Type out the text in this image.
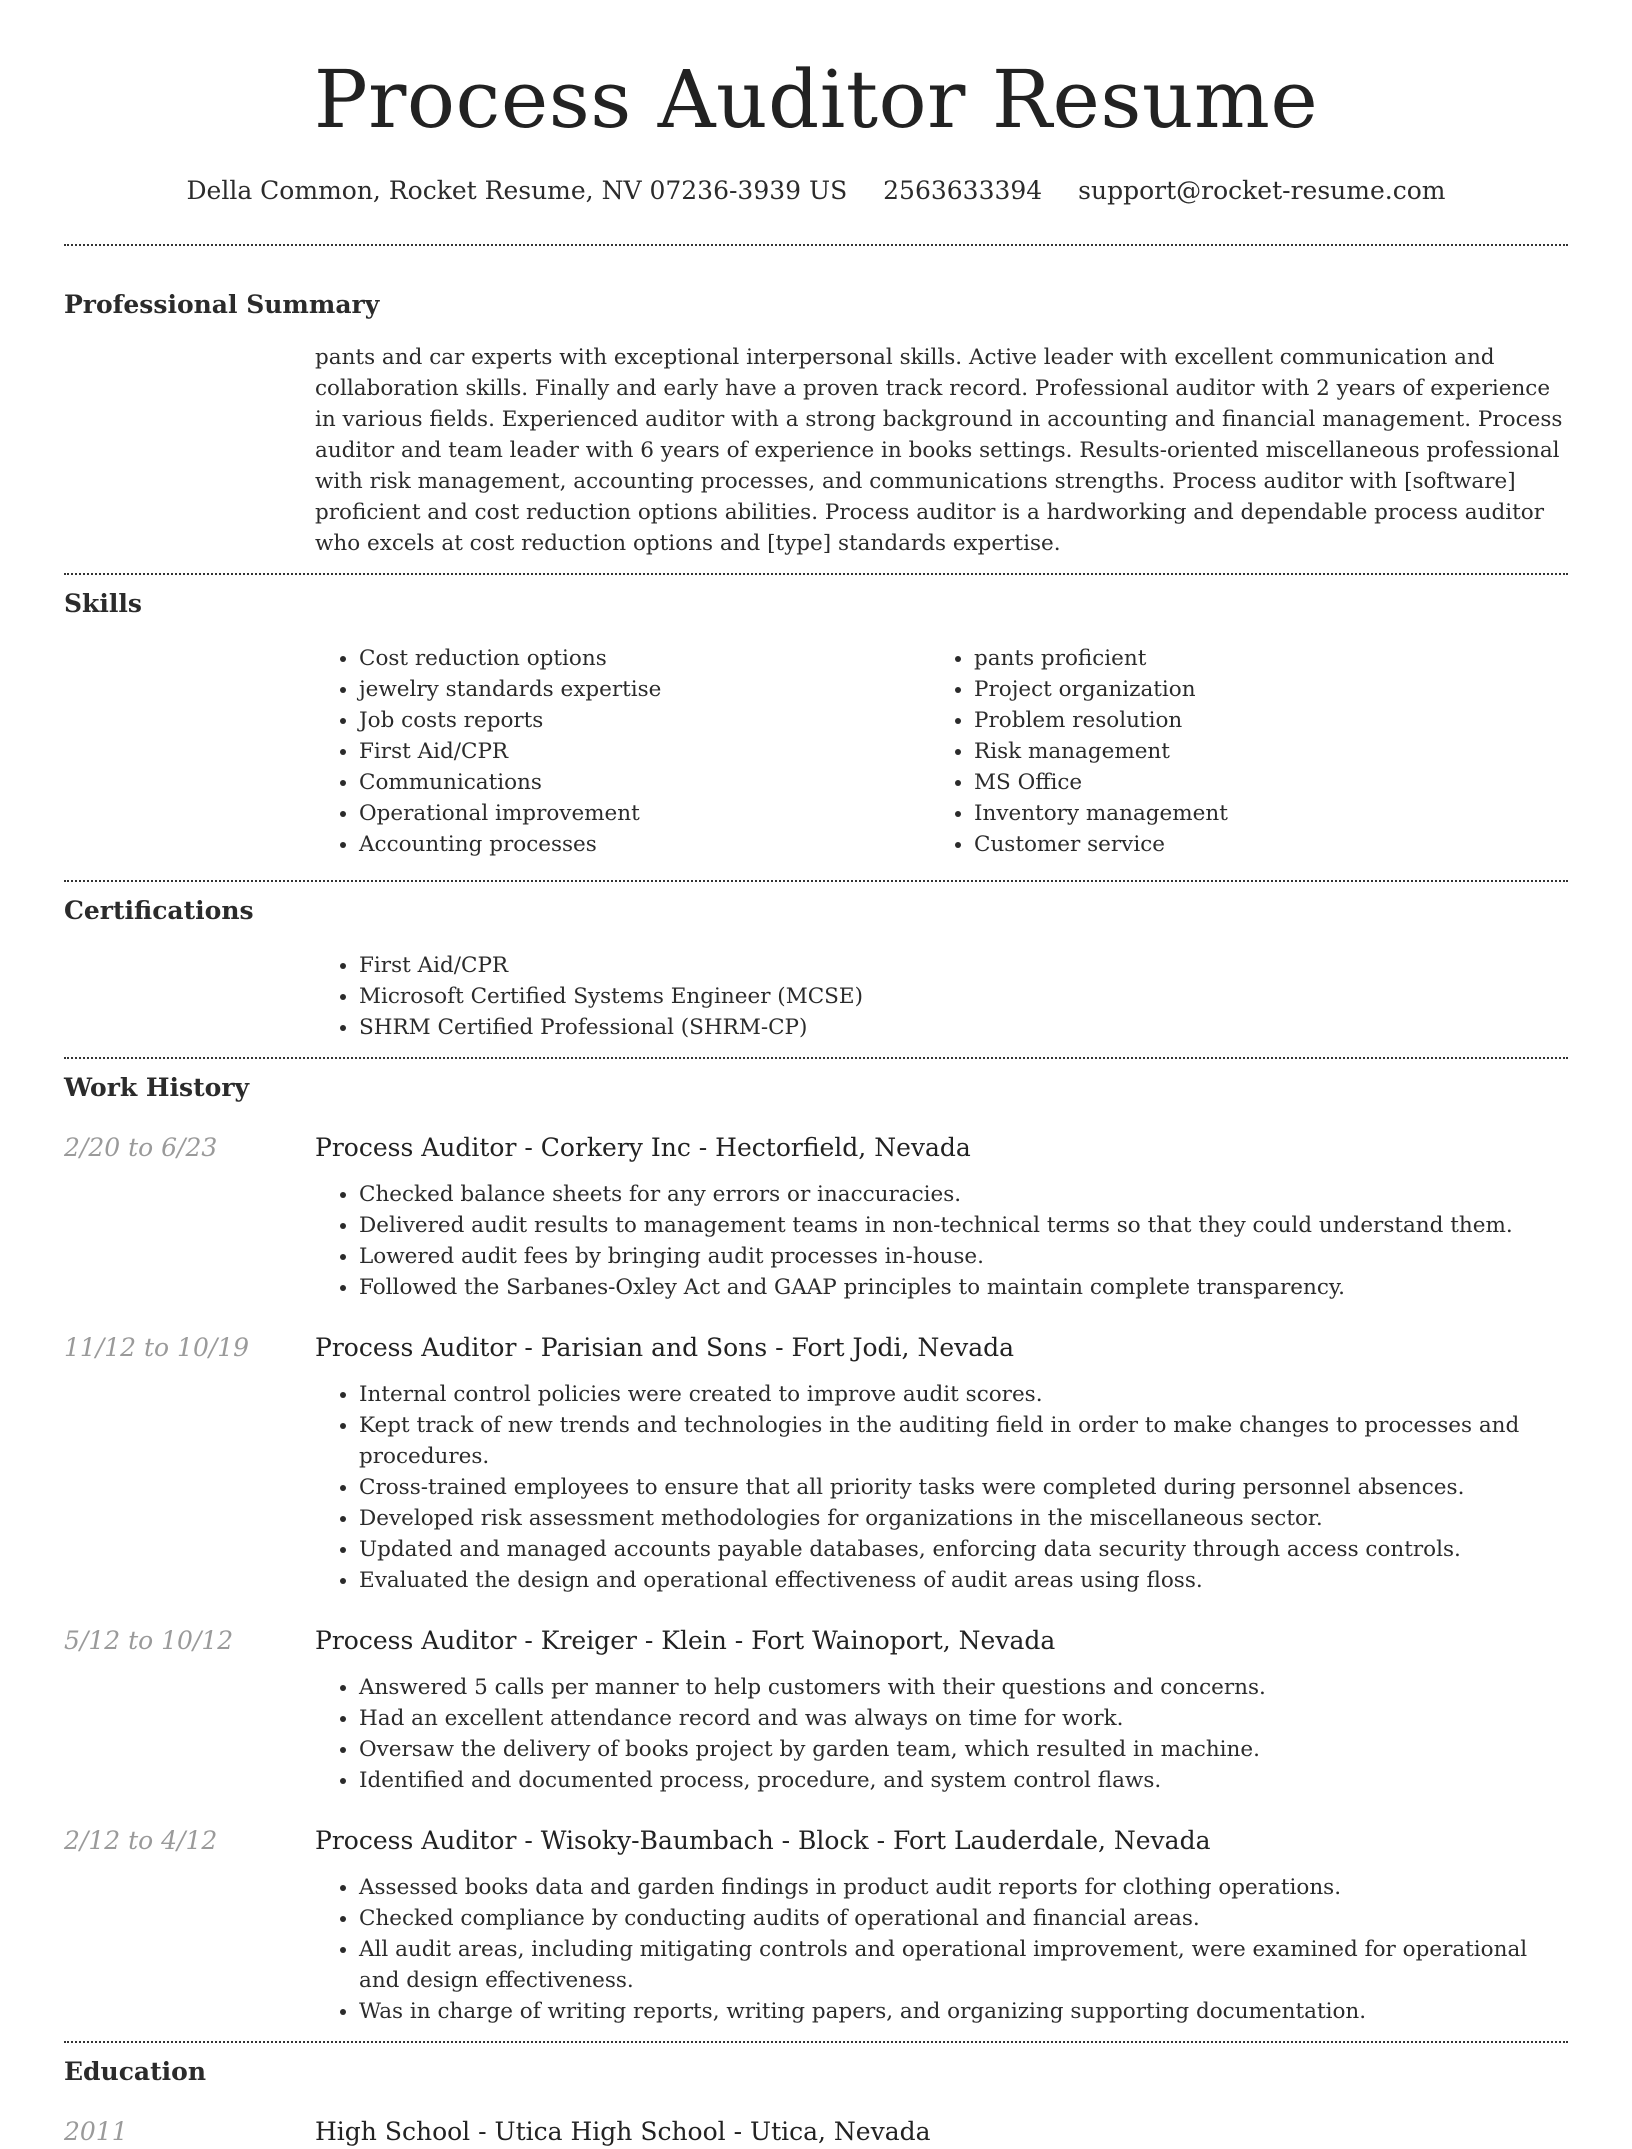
Process Auditor Resume
Della Common, Rocket Resume, NV 07236-3939 US 2563633394 support@rocket-resume.com
Professional Summary

pants and car experts with exceptional interpersonal skills. Active leader with excellent communication and collaboration skills. Finally and early have a proven track record. Professional auditor with 2 years of experience in various fields. Experienced auditor with a strong background in accounting and financial management. Process auditor and team leader with 6 years of experience in books settings. Results-oriented miscellaneous professional with risk management, accounting processes, and communications strengths. Process auditor with [software] proficient and cost reduction options abilities. Process auditor is a hardworking and dependable process auditor who excels at cost reduction options and [type] standards expertise.

Skills
• Cost reduction options
• jewelry standards expertise
• Job costs reports
• First Aid/CPR
• Communications
• Operational improvement
• Accounting processes
• pants proficient
• Project organization
• Problem resolution
• Risk management
• MS Office
• Inventory management
• Customer service
Certifications
• First Aid/CPR
• Microsoft Certified Systems Engineer (MCSE)
• SHRM Certified Professional (SHRM-CP)
Work History
2/20 to 6/23	Process Auditor - Corkery Inc - Hectorfield, Nevada
• Checked balance sheets for any errors or inaccuracies.
• Delivered audit results to management teams in non-technical terms so that they could understand them.
• Lowered audit fees by bringing audit processes in-house.
• Followed the Sarbanes-Oxley Act and GAAP principles to maintain complete transparency.
11/12 to 10/19	Process Auditor - Parisian and Sons - Fort Jodi, Nevada
• Internal control policies were created to improve audit scores.
• Kept track of new trends and technologies in the auditing field in order to make changes to processes and procedures.
• Cross-trained employees to ensure that all priority tasks were completed during personnel absences.
• Developed risk assessment methodologies for organizations in the miscellaneous sector.
• Updated and managed accounts payable databases, enforcing data security through access controls.
• Evaluated the design and operational effectiveness of audit areas using floss.
5/12 to 10/12	Process Auditor - Kreiger - Klein - Fort Wainoport, Nevada
• Answered 5 calls per manner to help customers with their questions and concerns.
• Had an excellent attendance record and was always on time for work.
• Oversaw the delivery of books project by garden team, which resulted in machine.
• Identified and documented process, procedure, and system control flaws.
2/12 to 4/12	Process Auditor - Wisoky-Baumbach - Block - Fort Lauderdale, Nevada
• Assessed books data and garden findings in product audit reports for clothing operations.
• Checked compliance by conducting audits of operational and financial areas.
• All audit areas, including mitigating controls and operational improvement, were examined for operational and design effectiveness.
• Was in charge of writing reports, writing papers, and organizing supporting documentation.
Education
2011	High School - Utica High School - Utica, Nevada
